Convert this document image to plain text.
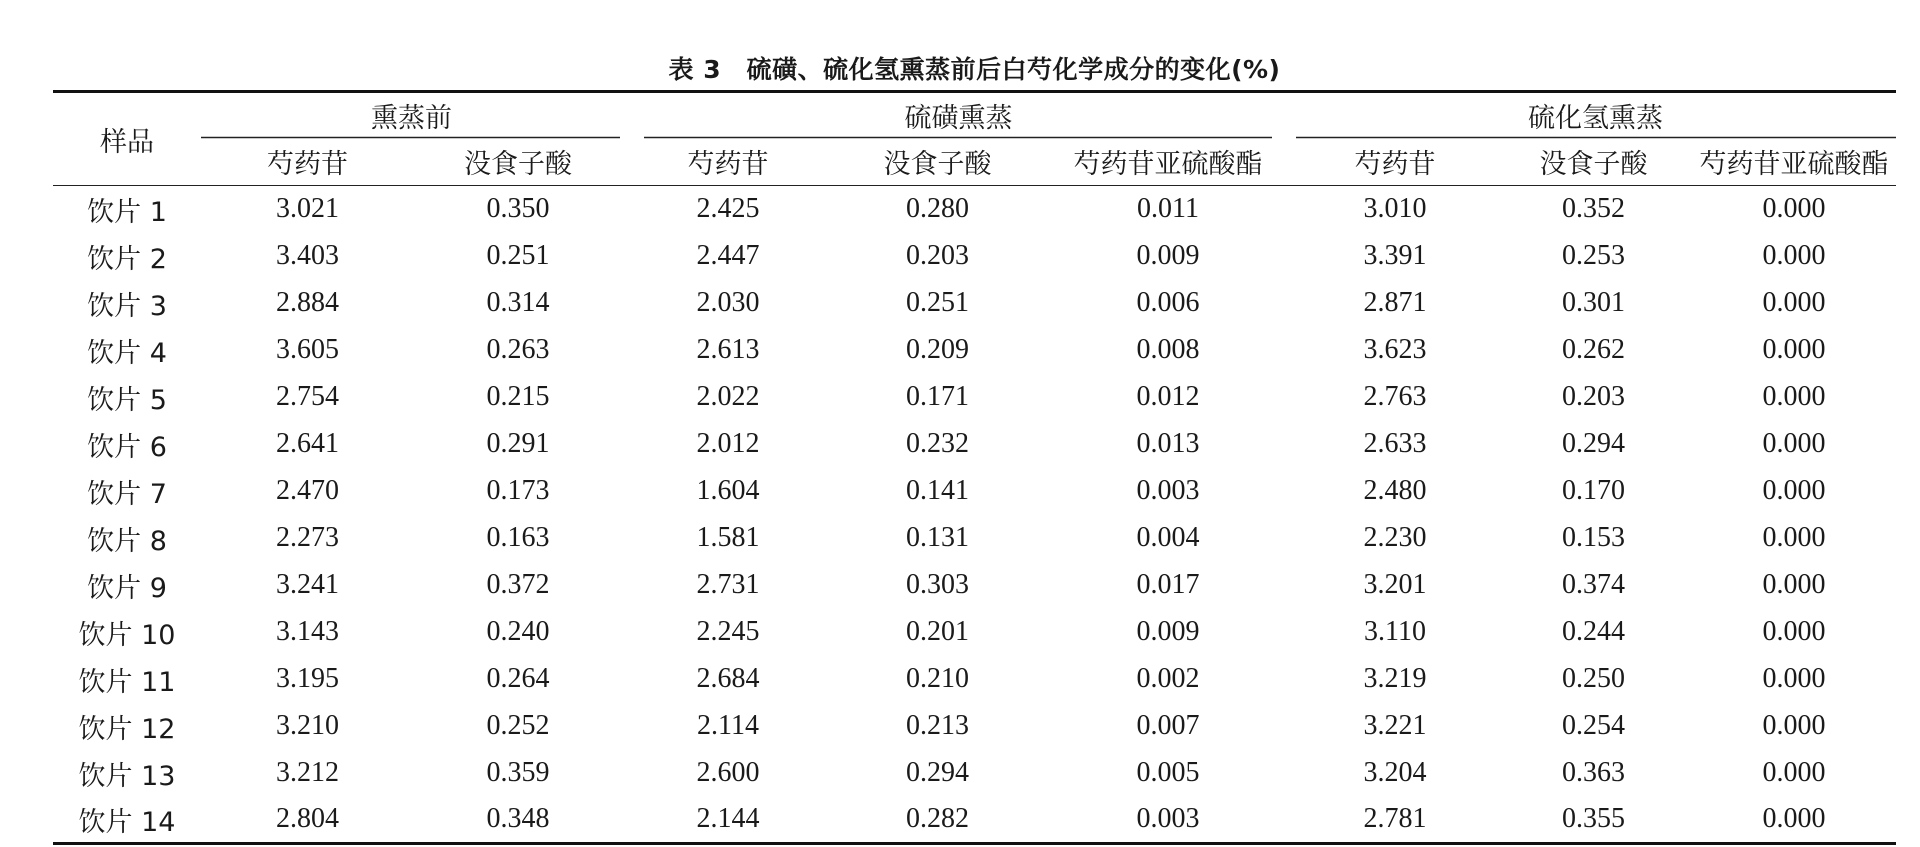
表 3　硫磺、硫化氢熏蒸前后白芍化学成分的变化(%)
样品	熏蒸前		硫磺熏蒸			硫化氢熏蒸		
	芍药苷	没食子酸	芍药苷	没食子酸	芍药苷亚硫酸酯	芍药苷	没食子酸	芍药苷亚硫酸酯
饮片 1	3.021	0.350	2.425	0.280	0.011	3.010	0.352	0.000
饮片 2	3.403	0.251	2.447	0.203	0.009	3.391	0.253	0.000
饮片 3	2.884	0.314	2.030	0.251	0.006	2.871	0.301	0.000
饮片 4	3.605	0.263	2.613	0.209	0.008	3.623	0.262	0.000
饮片 5	2.754	0.215	2.022	0.171	0.012	2.763	0.203	0.000
饮片 6	2.641	0.291	2.012	0.232	0.013	2.633	0.294	0.000
饮片 7	2.470	0.173	1.604	0.141	0.003	2.480	0.170	0.000
饮片 8	2.273	0.163	1.581	0.131	0.004	2.230	0.153	0.000
饮片 9	3.241	0.372	2.731	0.303	0.017	3.201	0.374	0.000
饮片 10	3.143	0.240	2.245	0.201	0.009	3.110	0.244	0.000
饮片 11	3.195	0.264	2.684	0.210	0.002	3.219	0.250	0.000
饮片 12	3.210	0.252	2.114	0.213	0.007	3.221	0.254	0.000
饮片 13	3.212	0.359	2.600	0.294	0.005	3.204	0.363	0.000
饮片 14	2.804	0.348	2.144	0.282	0.003	2.781	0.355	0.000
